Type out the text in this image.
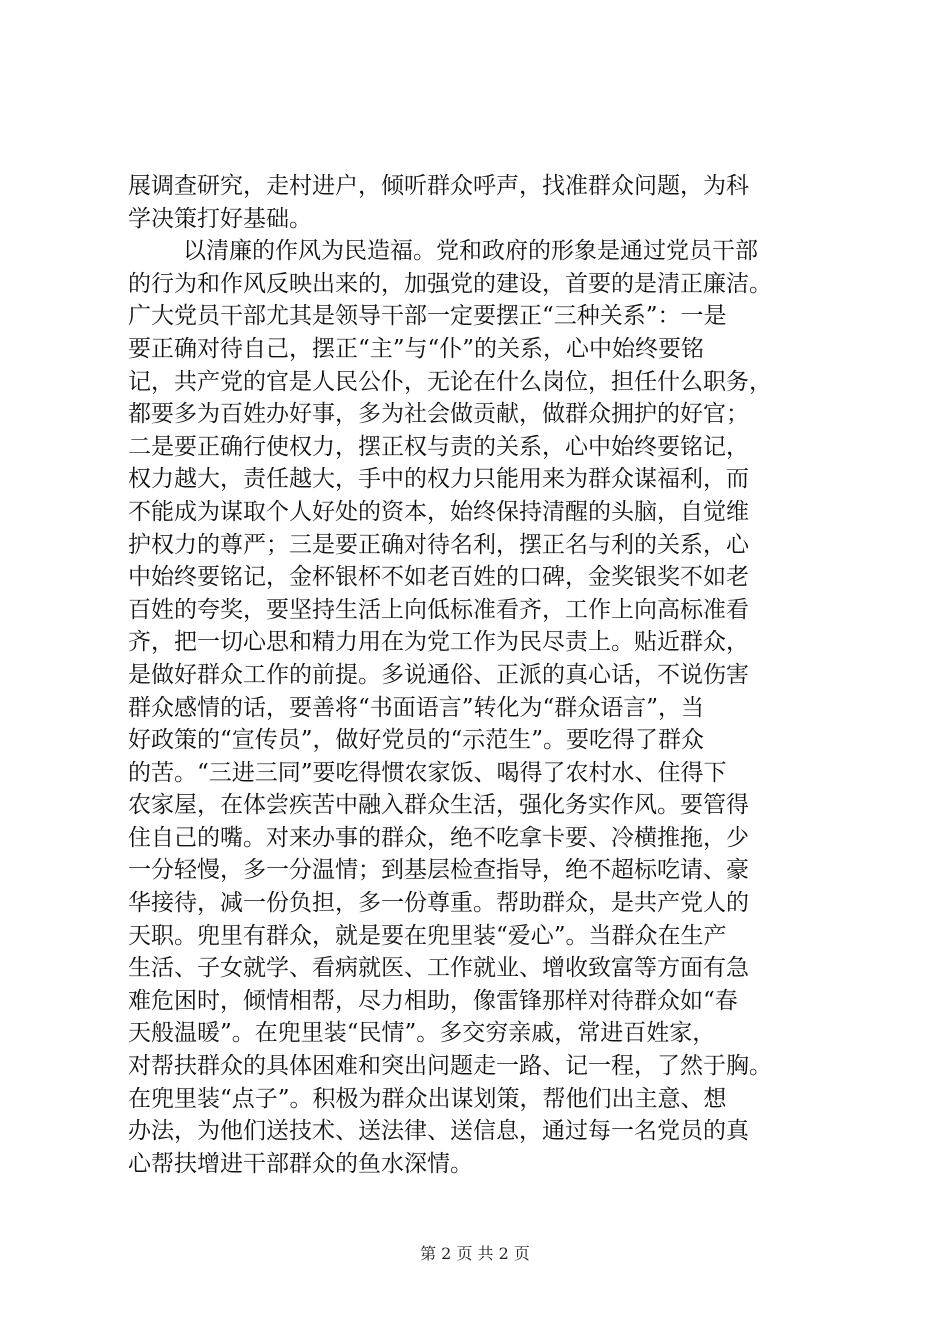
展调查研究，走村进户，倾听群众呼声，找准群众问题，为科
学决策打好基础。
以清廉的作风为民造福。党和政府的形象是通过党员干部
的行为和作风反映出来的，加强党的建设，首要的是清正廉洁。
广大党员干部尤其是领导干部一定要摆正“三种关系”：一是
要正确对待自己，摆正“主”与“仆”的关系，心中始终要铭
记，共产党的官是人民公仆，无论在什么岗位，担任什么职务，
都要多为百姓办好事，多为社会做贡献，做群众拥护的好官；
二是要正确行使权力，摆正权与责的关系，心中始终要铭记，
权力越大，责任越大，手中的权力只能用来为群众谋福利，而
不能成为谋取个人好处的资本，始终保持清醒的头脑，自觉维
护权力的尊严；三是要正确对待名利，摆正名与利的关系，心
中始终要铭记，金杯银杯不如老百姓的口碑，金奖银奖不如老
百姓的夸奖，要坚持生活上向低标准看齐，工作上向高标准看
齐，把一切心思和精力用在为党工作为民尽责上。贴近群众，
是做好群众工作的前提。多说通俗、正派的真心话，不说伤害
群众感情的话，要善将“书面语言”转化为“群众语言”，当
好政策的“宣传员”，做好党员的“示范生”。要吃得了群众
的苦。“三进三同”要吃得惯农家饭、喝得了农村水、住得下
农家屋，在体尝疾苦中融入群众生活，强化务实作风。要管得
住自己的嘴。对来办事的群众，绝不吃拿卡要、冷横推拖，少
一分轻慢，多一分温情；到基层检查指导，绝不超标吃请、豪
华接待，减一份负担，多一份尊重。帮助群众，是共产党人的
天职。兜里有群众，就是要在兜里装“爱心”。当群众在生产
生活、子女就学、看病就医、工作就业、增收致富等方面有急
难危困时，倾情相帮，尽力相助，像雷锋那样对待群众如“春
天般温暖”。在兜里装“民情”。多交穷亲戚，常进百姓家，
对帮扶群众的具体困难和突出问题走一路、记一程，了然于胸。
在兜里装“点子”。积极为群众出谋划策，帮他们出主意、想
办法，为他们送技术、送法律、送信息，通过每一名党员的真
心帮扶增进干部群众的鱼水深情。
第 2 页 共 2 页
